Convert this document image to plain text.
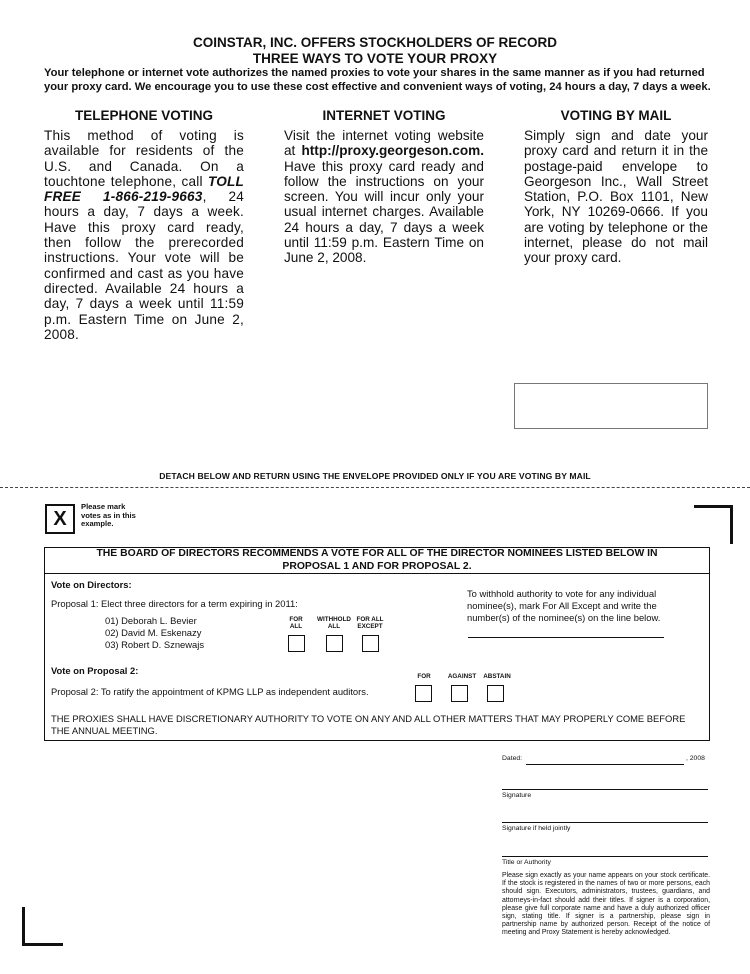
COINSTAR, INC. OFFERS STOCKHOLDERS OF RECORD
THREE WAYS TO VOTE YOUR PROXY
Your telephone or internet vote authorizes the named proxies to vote your shares in the same manner as if you had returned your proxy card. We encourage you to use these cost effective and convenient ways of voting, 24 hours a day, 7 days a week.
TELEPHONE VOTING
This method of voting is available for residents of the U.S. and Canada. On a touchtone telephone, call TOLL FREE 1-866-219-9663, 24 hours a day, 7 days a week. Have this proxy card ready, then follow the prerecorded instructions. Your vote will be confirmed and cast as you have directed. Available 24 hours a day, 7 days a week until 11:59 p.m. Eastern Time on June 2, 2008.
INTERNET VOTING
Visit the internet voting website at http://proxy.georgeson.com. Have this proxy card ready and follow the instructions on your screen. You will incur only your usual internet charges. Available 24 hours a day, 7 days a week until 11:59 p.m. Eastern Time on June 2, 2008.
VOTING BY MAIL
Simply sign and date your proxy card and return it in the postage-paid envelope to Georgeson Inc., Wall Street Station, P.O. Box 1101, New York, NY 10269-0666. If you are voting by telephone or the internet, please do not mail your proxy card.
DETACH BELOW AND RETURN USING THE ENVELOPE PROVIDED ONLY IF YOU ARE VOTING BY MAIL
X
Please mark votes as in this example.
THE BOARD OF DIRECTORS RECOMMENDS A VOTE FOR ALL OF THE DIRECTOR NOMINEES LISTED BELOW IN
PROPOSAL 1 AND FOR PROPOSAL 2.
Vote on Directors:
Proposal 1: Elect three directors for a term expiring in 2011:
01) Deborah L. Bevier
02) David M. Eskenazy
03) Robert D. Sznewajs
FOR
ALL
WITHHOLD
ALL
FOR ALL
EXCEPT
To withhold authority to vote for any individual nominee(s), mark For All Except and write the number(s) of the nominee(s) on the line below.
Vote on Proposal 2:
Proposal 2: To ratify the appointment of KPMG LLP as independent auditors.
FOR	AGAINST	ABSTAIN
THE PROXIES SHALL HAVE DISCRETIONARY AUTHORITY TO VOTE ON ANY AND ALL OTHER MATTERS THAT MAY PROPERLY COME BEFORE THE ANNUAL MEETING.
Dated:	, 2008
Signature
Signature if held jointly
Title or Authority
Please sign exactly as your name appears on your stock certificate. If the stock is registered in the names of two or more persons, each should sign. Executors, administrators, trustees, guardians, and attorneys-in-fact should add their titles. If signer is a corporation, please give full corporate name and have a duly authorized officer sign, stating title. If signer is a partnership, please sign in partnership name by authorized person. Receipt of the notice of meeting and Proxy Statement is hereby acknowledged.
